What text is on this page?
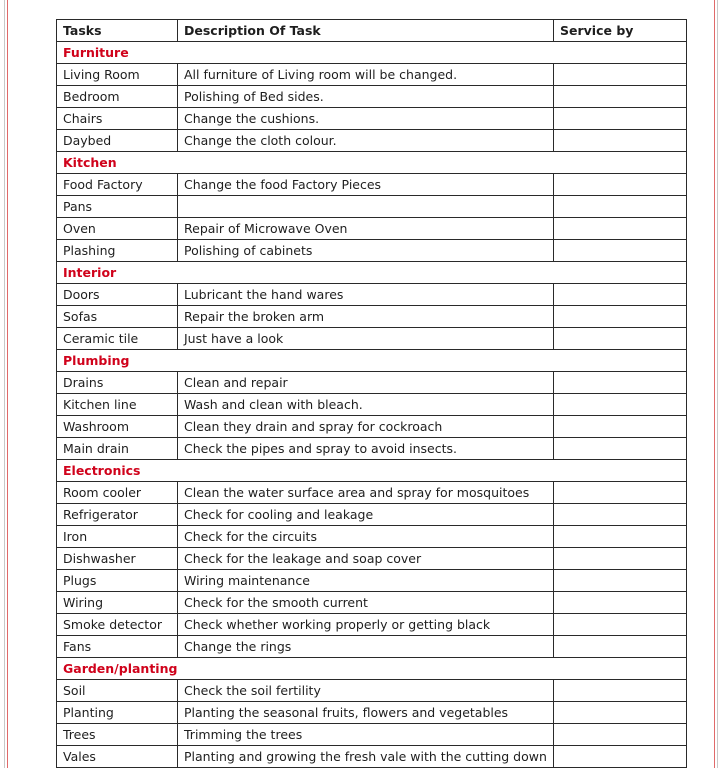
Tasks	Description Of Task	Service by
Furniture		
Living Room	All furniture of Living room will be changed.	
Bedroom	Polishing of Bed sides.	
Chairs	Change the cushions.	
Daybed	Change the cloth colour.	
Kitchen		
Food Factory	Change the food Factory Pieces	
Pans		
Oven	Repair of Microwave Oven	
Plashing	Polishing of cabinets	
Interior		
Doors	Lubricant the hand wares	
Sofas	Repair the broken arm	
Ceramic tile	Just have a look	
Plumbing		
Drains	Clean and repair	
Kitchen line	Wash and clean with bleach.	
Washroom	Clean they drain and spray for cockroach	
Main drain	Check the pipes and spray to avoid insects.	
Electronics		
Room cooler	Clean the water surface area and spray for mosquitoes	
Refrigerator	Check for cooling and leakage	
Iron	Check for the circuits	
Dishwasher	Check for the leakage and soap cover	
Plugs	Wiring maintenance	
Wiring	Check for the smooth current	
Smoke detector	Check whether working properly or getting black	
Fans	Change the rings	
Garden/planting		
Soil	Check the soil fertility	
Planting	Planting the seasonal fruits, flowers and vegetables	
Trees	Trimming the trees	
Vales	Planting and growing the fresh vale with the cutting down	
